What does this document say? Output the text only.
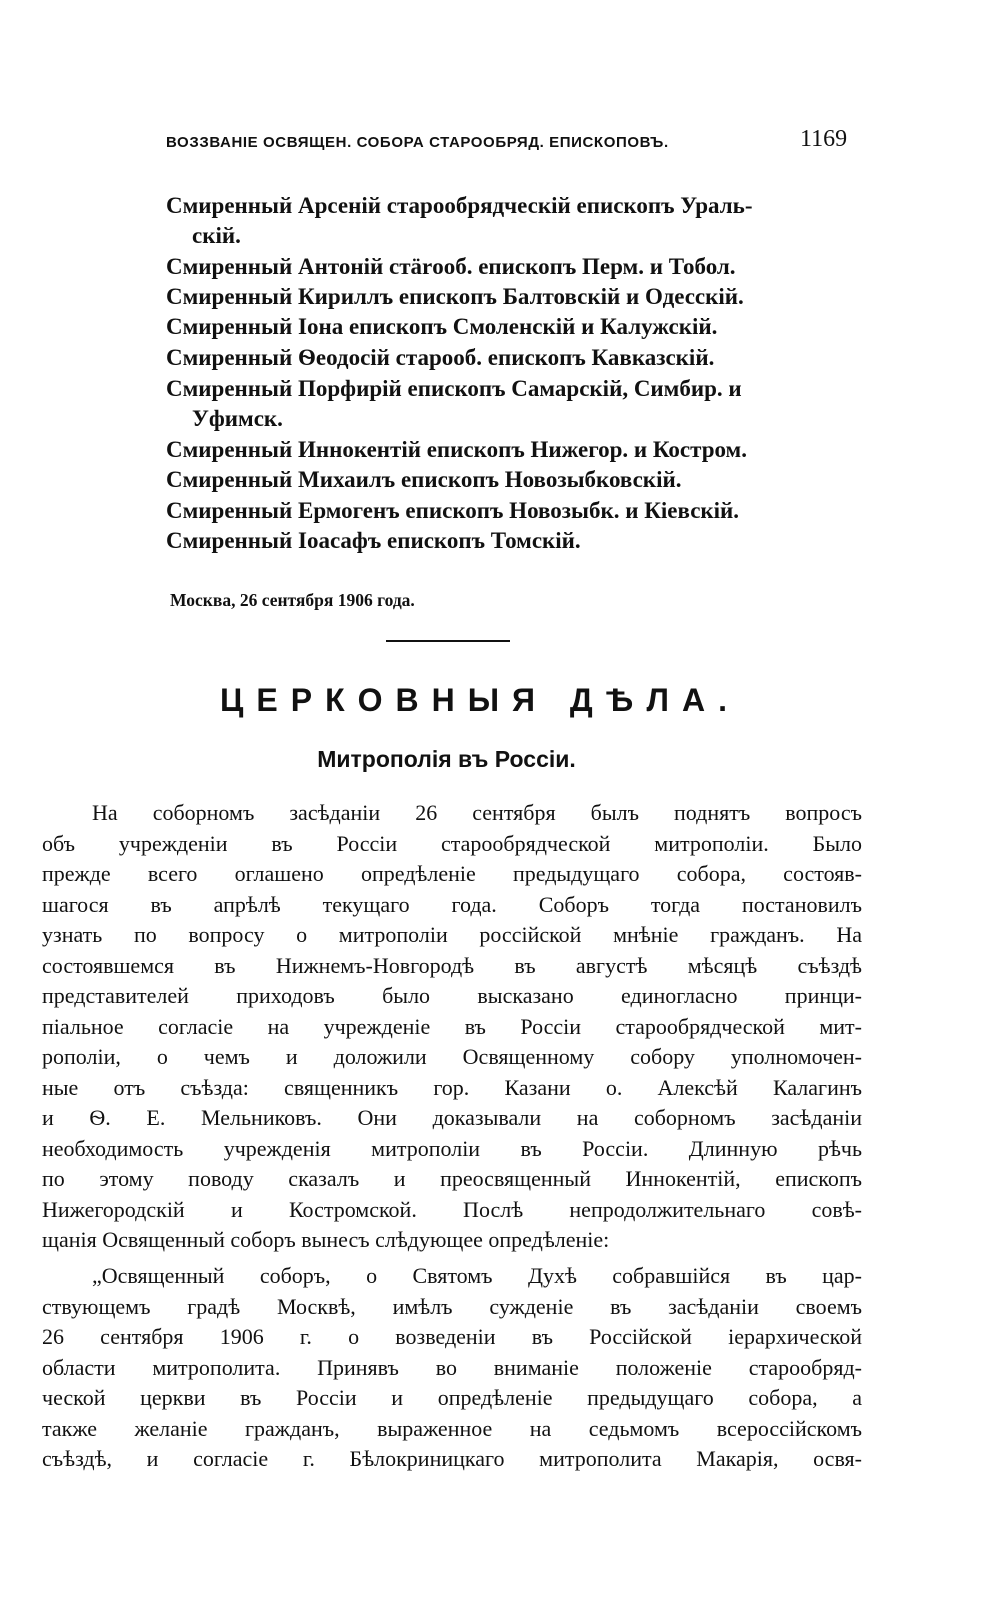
ВОЗЗВАНІЕ ОСВЯЩЕН. СОБОРА СТАРООБРЯД. ЕПИСКОПОВЪ.	1169
Смиренный Арсеній старообрядческій епископъ Ураль-
скій.
Смиренный Антоній стärооб. епископъ Перм. и Тобол.
Смиренный Кириллъ епископъ Балтовскій и Одесскій.
Смиренный Іона епископъ Смоленскій и Калужскій.
Смиренный Ѳеодосій старооб. епископъ Кавказскій.
Смиренный Порфирій епископъ Самарскій, Симбир. и
Уфимск.
Смиренный Иннокентій епископъ Нижегор. и Костром.
Смиренный Михаилъ епископъ Новозыбковскій.
Смиренный Ермогенъ епископъ Новозыбк. и Кіевскій.
Смиренный Іоасафъ епископъ Томскій.
Москва, 26 сентября 1906 года.
ЦЕРКОВНЫЯ ДѢЛА.
Митрополія въ Россіи.
На соборномъ засѣданіи 26 сентября былъ поднятъ вопросъ
объ учрежденіи въ Россіи старообрядческой митрополіи. Было
прежде всего оглашено опредѣленіе предыдущаго собора, состояв-
шагося въ апрѣлѣ текущаго года. Соборъ тогда постановилъ
узнать по вопросу о митрополіи россійской мнѣніе гражданъ. На
состоявшемся въ Нижнемъ-Новгородѣ въ августѣ мѣсяцѣ съѣздѣ
представителей приходовъ было высказано единогласно принци-
піальное согласіе на учрежденіе въ Россіи старообрядческой мит-
рополіи, о чемъ и доложили Освященному собору уполномочен-
ные отъ съѣзда: священникъ гор. Казани о. Алексѣй Калагинъ
и Ѳ. Е. Мельниковъ. Они доказывали на соборномъ засѣданіи
необходимость учрежденія митрополіи въ Россіи. Длинную рѣчь
по этому поводу сказалъ и преосвященный Иннокентій, епископъ
Нижегородскій и Костромской. Послѣ непродолжительнаго совѣ-
щанія Освященный соборъ вынесъ слѣдующее опредѣленіе:
„Освященный соборъ, о Святомъ Духѣ собравшійся въ цар-
ствующемъ градѣ Москвѣ, имѣлъ сужденіе въ засѣданіи своемъ
26 сентября 1906 г. о возведеніи въ Россійской іерархической
области митрополита. Принявъ во вниманіе положеніе старообряд-
ческой церкви въ Россіи и опредѣленіе предыдущаго собора, а
также желаніе гражданъ, выраженное на седьмомъ всероссійскомъ
съѣздѣ, и согласіе г. Бѣлокриницкаго митрополита Макарія, освя-
